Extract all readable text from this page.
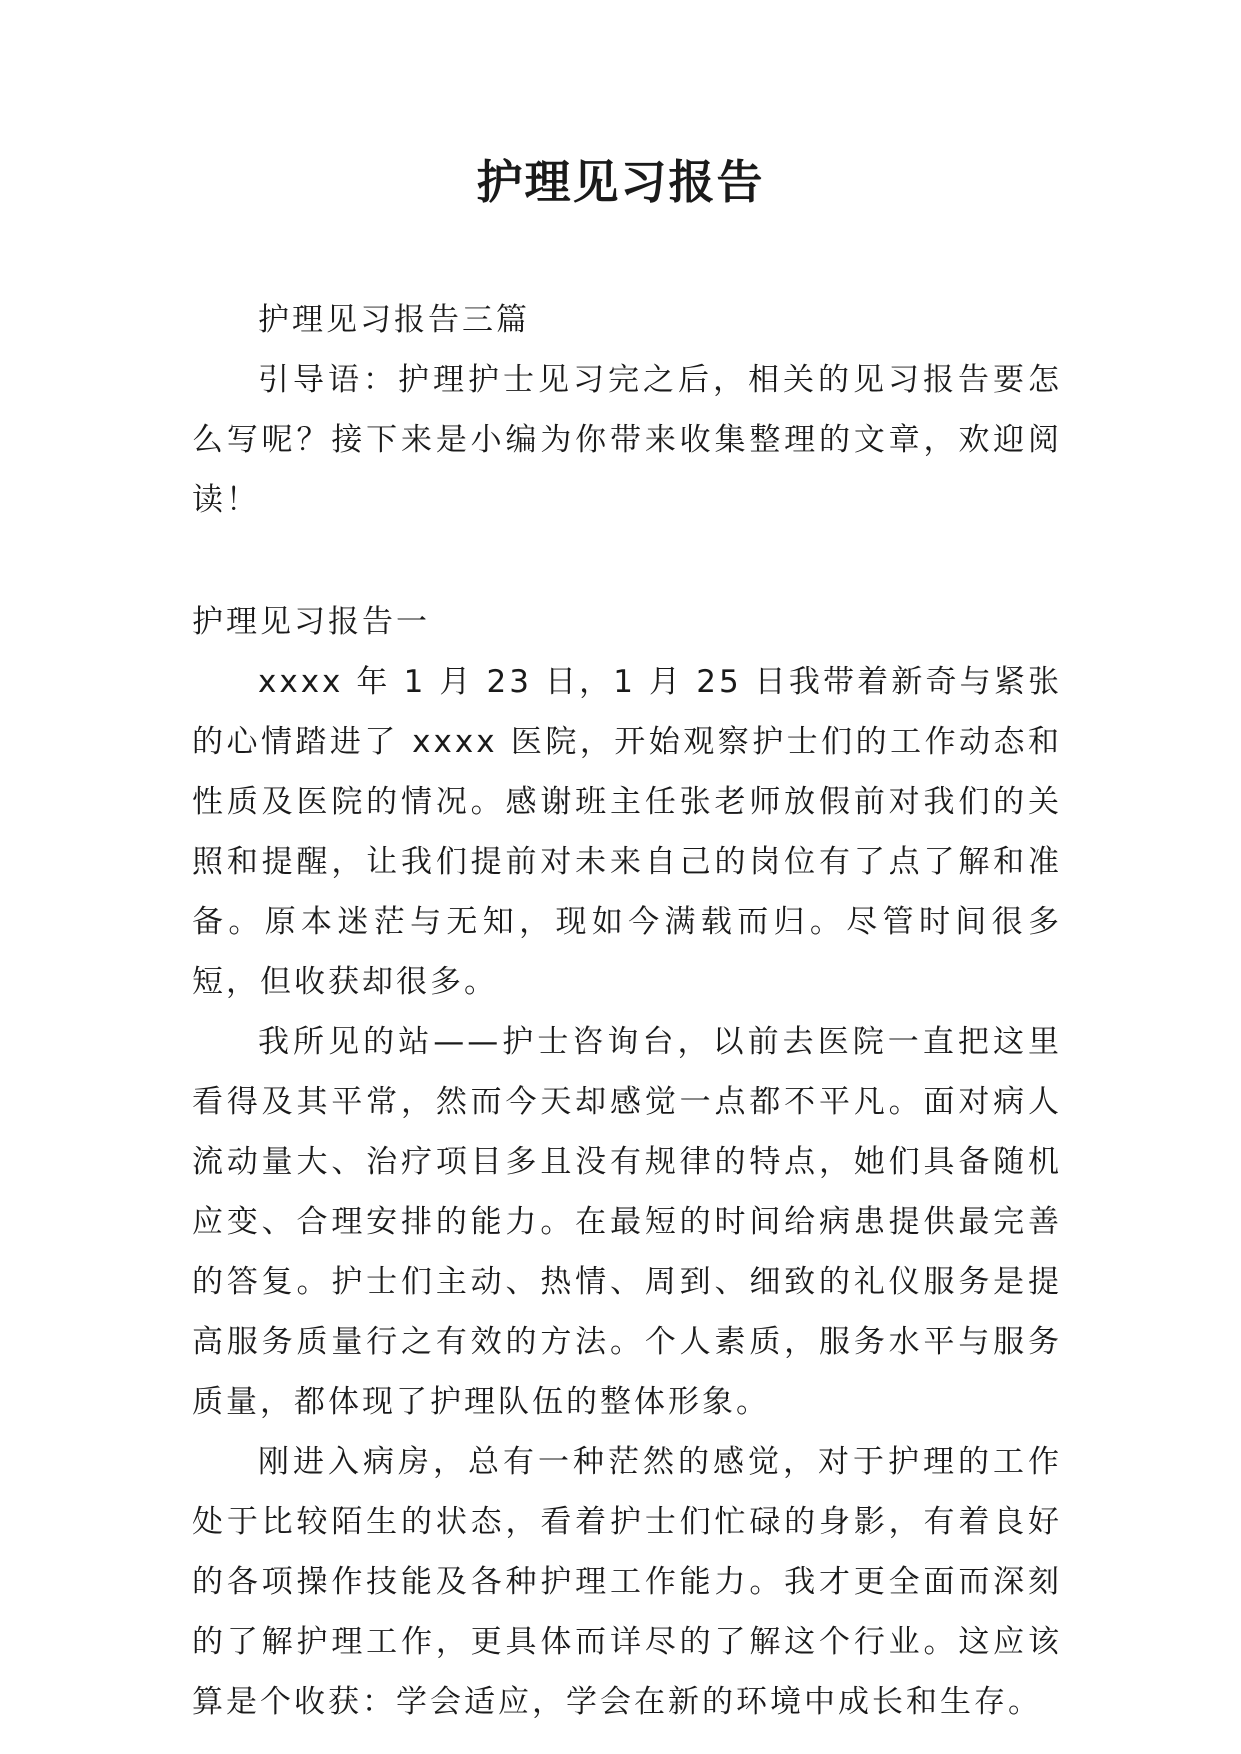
护理见习报告

护理见习报告三篇

引导语：护理护士见习完之后，相关的见习报告要怎么写呢？接下来是小编为你带来收集整理的文章，欢迎阅读！

护理见习报告一

xxxx 年 1 月 23 日，1 月 25 日我带着新奇与紧张的心情踏进了 xxxx 医院，开始观察护士们的工作动态和性质及医院的情况。感谢班主任张老师放假前对我们的关照和提醒，让我们提前对未来自己的岗位有了点了解和准备。原本迷茫与无知，现如今满载而归。尽管时间很多短，但收获却很多。

我所见的站——护士咨询台，以前去医院一直把这里看得及其平常，然而今天却感觉一点都不平凡。面对病人流动量大、治疗项目多且没有规律的特点，她们具备随机应变、合理安排的能力。在最短的时间给病患提供最完善的答复。护士们主动、热情、周到、细致的礼仪服务是提高服务质量行之有效的方法。个人素质，服务水平与服务质量，都体现了护理队伍的整体形象。

刚进入病房，总有一种茫然的感觉，对于护理的工作处于比较陌生的状态，看着护士们忙碌的身影，有着良好的各项操作技能及各种护理工作能力。我才更全面而深刻的了解护理工作，更具体而详尽的了解这个行业。这应该算是个收获：学会适应，学会在新的环境中成长和生存。
